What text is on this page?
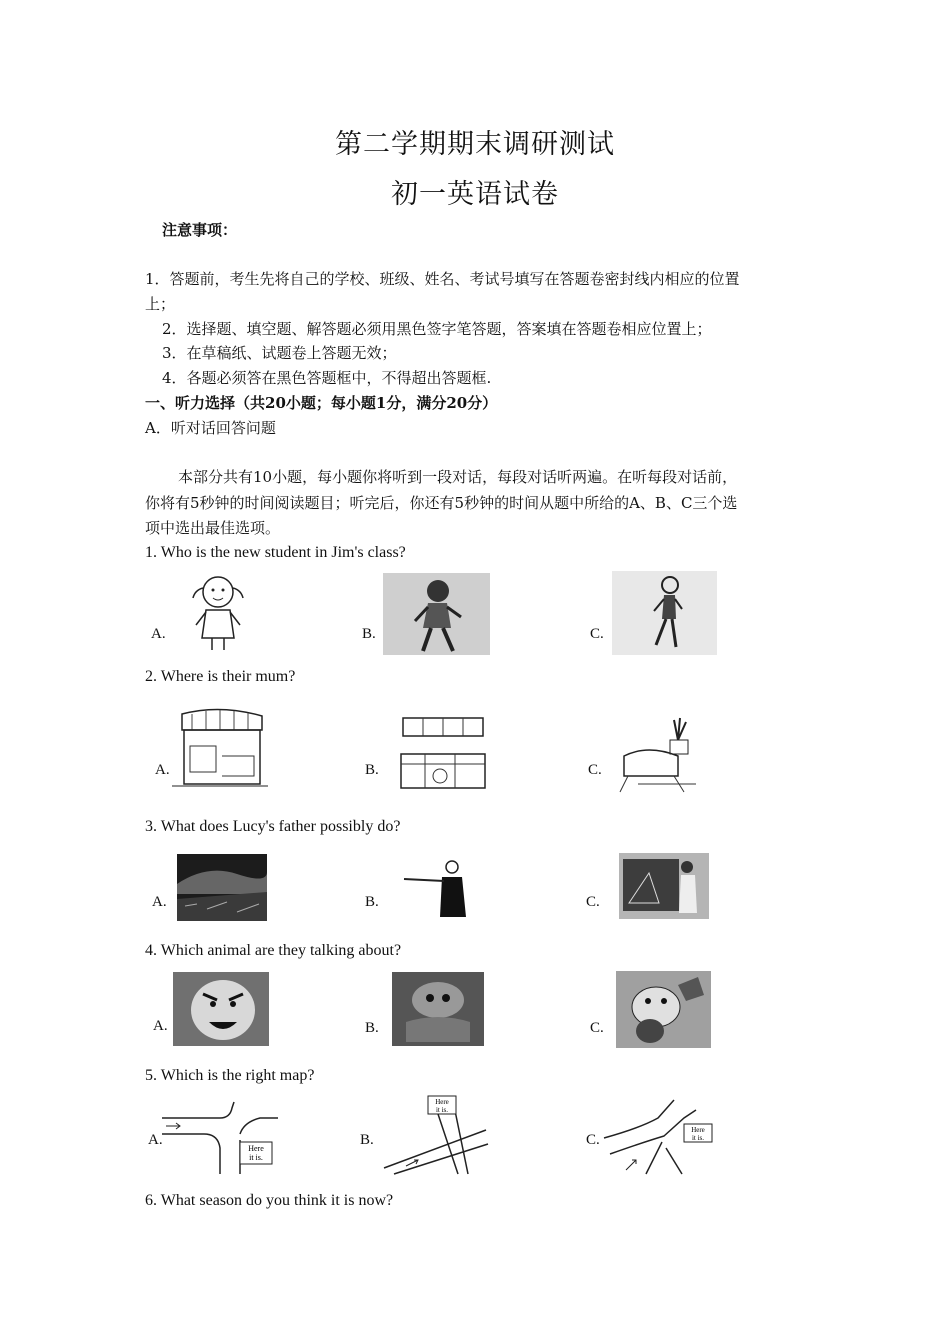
第二学期期末调研测试
初一英语试卷
注意事项：
1．答题前，考生先将自己的学校、班级、姓名、考试号填写在答题卷密封线内相应的位置
上；
2．选择题、填空题、解答题必须用黑色签字笔答题，答案填在答题卷相应位置上；
3．在草稿纸、试题卷上答题无效；
4．各题必须答在黑色答题框中，不得超出答题框.
一、听力选择（共20小题；每小题1分，满分20分）
A．听对话回答问题
本部分共有10小题，每小题你将听到一段对话，每段对话听两遍。在听每段对话前，
你将有5秒钟的时间阅读题目；听完后，你还有5秒钟的时间从题中所给的A、B、C三个选
项中选出最佳选项。
1. Who is the new student in Jim's class?
A.	B.	C.
2. Where is their mum?
A.	B.	C.
3. What does Lucy's father possibly do?
A.	B.	C.
4. Which animal are they talking about?
A.	B.	C.
5. Which is the right map?
A.	B.	C.
Here
it is.
Here
it is.
Here
it is.
6. What season do you think it is now?
